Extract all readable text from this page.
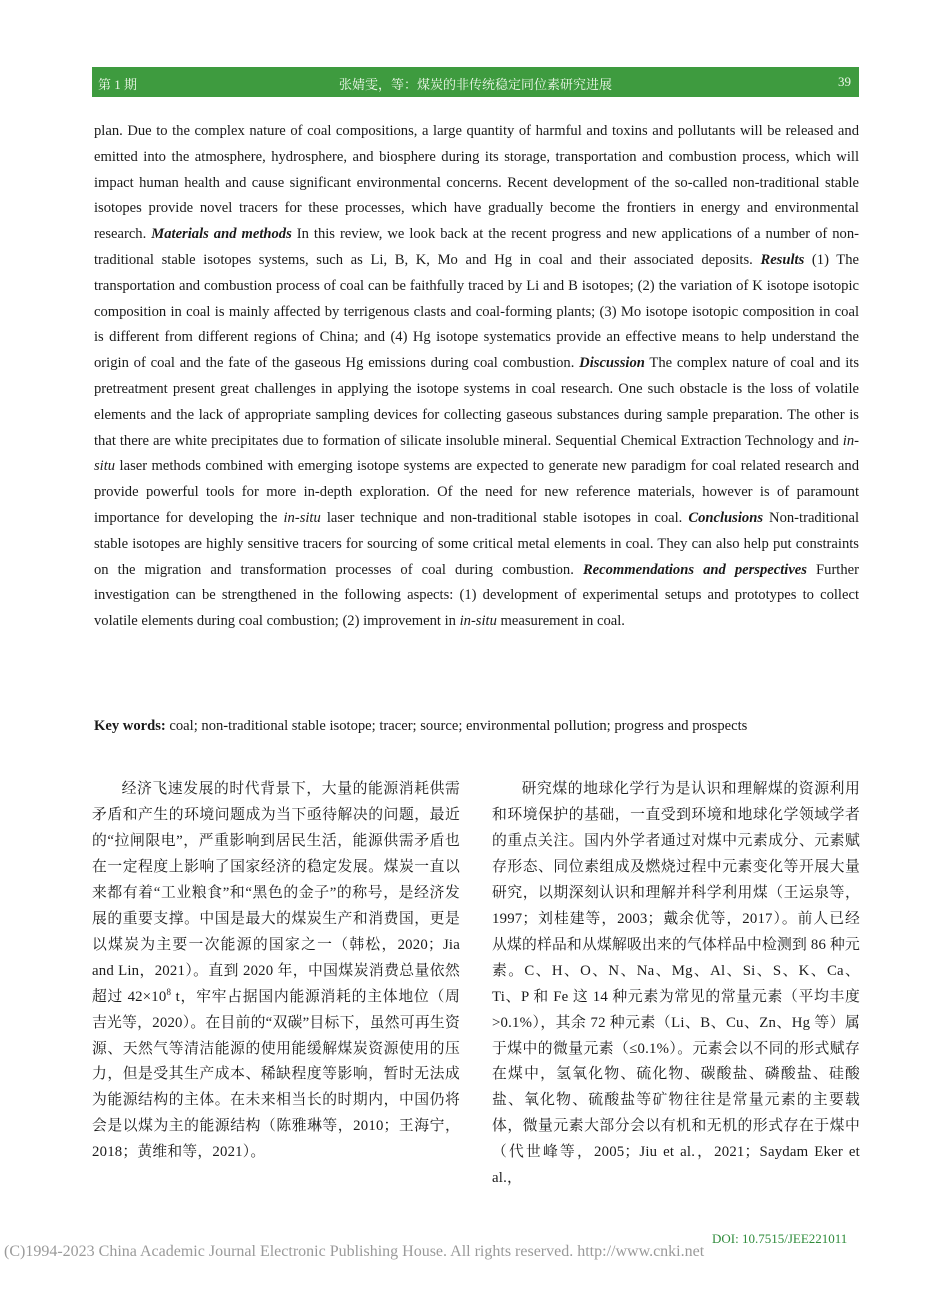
第 1 期	张婧雯，等：煤炭的非传统稳定同位素研究进展	39
plan. Due to the complex nature of coal compositions, a large quantity of harmful and toxins and pollutants will be released and emitted into the atmosphere, hydrosphere, and biosphere during its storage, transportation and combustion process, which will impact human health and cause significant environmental concerns. Recent development of the so-called non-traditional stable isotopes provide novel tracers for these processes, which have gradually become the frontiers in energy and environmental research. Materials and methods In this review, we look back at the recent progress and new applications of a number of non-traditional stable isotopes systems, such as Li, B, K, Mo and Hg in coal and their associated deposits. Results (1) The transportation and combustion process of coal can be faithfully traced by Li and B isotopes; (2) the variation of K isotope isotopic composition in coal is mainly affected by terrigenous clasts and coal-forming plants; (3) Mo isotope isotopic composition in coal is different from different regions of China; and (4) Hg isotope systematics provide an effective means to help understand the origin of coal and the fate of the gaseous Hg emissions during coal combustion. Discussion The complex nature of coal and its pretreatment present great challenges in applying the isotope systems in coal research. One such obstacle is the loss of volatile elements and the lack of appropriate sampling devices for collecting gaseous substances during sample preparation. The other is that there are white precipitates due to formation of silicate insoluble mineral. Sequential Chemical Extraction Technology and in-situ laser methods combined with emerging isotope systems are expected to generate new paradigm for coal related research and provide powerful tools for more in-depth exploration. Of the need for new reference materials, however is of paramount importance for developing the in-situ laser technique and non-traditional stable isotopes in coal. Conclusions Non-traditional stable isotopes are highly sensitive tracers for sourcing of some critical metal elements in coal. They can also help put constraints on the migration and transformation processes of coal during combustion. Recommendations and perspectives Further investigation can be strengthened in the following aspects: (1) development of experimental setups and prototypes to collect volatile elements during coal combustion; (2) improvement in in-situ measurement in coal.
Key words: coal; non-traditional stable isotope; tracer; source; environmental pollution; progress and prospects
经济飞速发展的时代背景下，大量的能源消耗供需矛盾和产生的环境问题成为当下亟待解决的问题，最近的“拉闸限电”，严重影响到居民生活，能源供需矛盾也在一定程度上影响了国家经济的稳定发展。煤炭一直以来都有着“工业粮食”和“黑色的金子”的称号，是经济发展的重要支撑。中国是最大的煤炭生产和消费国，更是以煤炭为主要一次能源的国家之一（韩松，2020；Jia and Lin，2021）。直到 2020 年，中国煤炭消费总量依然超过 $42\times 10^8$ t，牢牢占据国内能源消耗的主体地位（周吉光等，2020）。在目前的“双碳”目标下，虽然可再生资源、天然气等清洁能源的使用能缓解煤炭资源使用的压力，但是受其生产成本、稀缺程度等影响，暂时无法成为能源结构的主体。在未来相当长的时期内，中国仍将会是以煤为主的能源结构（陈雅琳等，2010；王海宁，2018；黄维和等，2021）。
研究煤的地球化学行为是认识和理解煤的资源利用和环境保护的基础，一直受到环境和地球化学领域学者的重点关注。国内外学者通过对煤中元素成分、元素赋存形态、同位素组成及燃烧过程中元素变化等开展大量研究，以期深刻认识和理解并科学利用煤（王运泉等，1997；刘桂建等，2003；戴余优等，2017）。前人已经从煤的样品和从煤解吸出来的气体样品中检测到 86 种元素。C、H、O、N、Na、Mg、Al、Si、S、K、Ca、Ti、P 和 Fe 这 14 种元素为常见的常量元素（平均丰度>0.1%），其余 72 种元素（Li、B、Cu、Zn、Hg 等）属于煤中的微量元素（≤0.1%）。元素会以不同的形式赋存在煤中，氢氧化物、硫化物、碳酸盐、磷酸盐、硅酸盐、氧化物、硫酸盐等矿物往往是常量元素的主要载体，微量元素大部分会以有机和无机的形式存在于煤中（代世峰等，2005；Jiu et al.，2021；Saydam Eker et al.，
DOI: 10.7515/JEE221011
(C)1994-2023 China Academic Journal Electronic Publishing House. All rights reserved. http://www.cnki.net
